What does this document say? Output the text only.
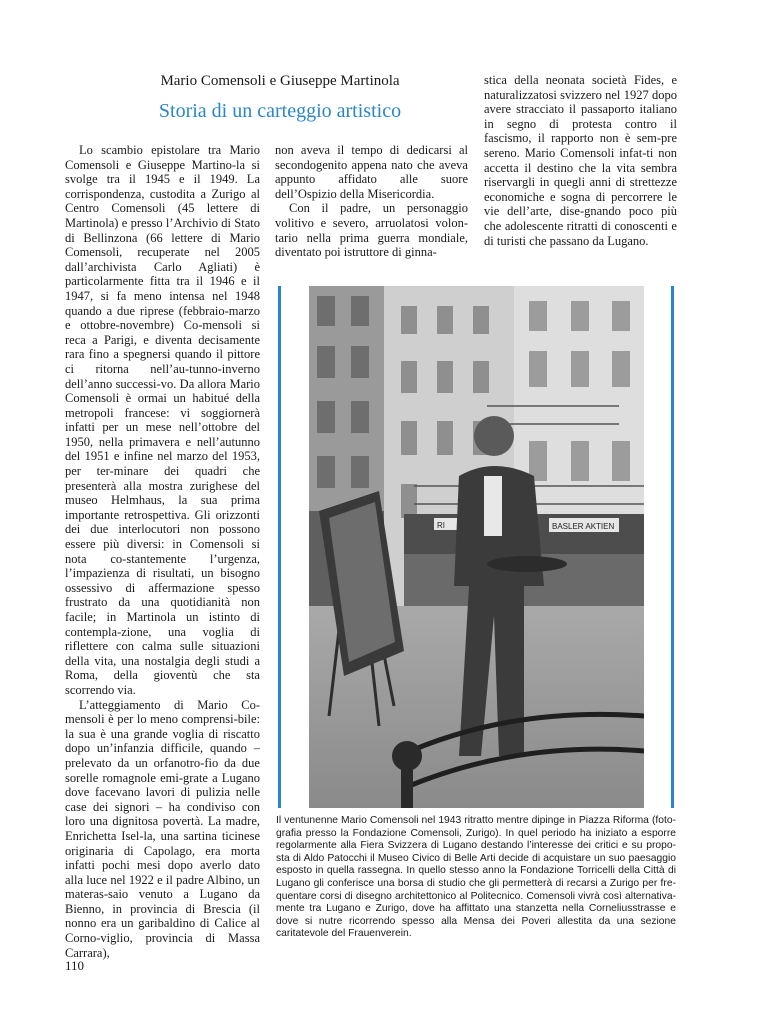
Mario Comensoli e Giuseppe Martinola
Storia di un carteggio artistico

Lo scambio epistolare tra Mario Comensoli e Giuseppe Martino-la si svolge tra il 1945 e il 1949. La corrispondenza, custodita a Zurigo al Centro Comensoli (45 lettere di Martinola) e presso l’Archivio di Stato di Bellinzona (66 lettere di Mario Comensoli, recuperate nel 2005 dall’archivista Carlo Agliati) è particolarmente fitta tra il 1946 e il 1947, si fa meno intensa nel 1948 quando a due riprese (febbraio-marzo e ottobre-novembre) Co-mensoli si reca a Parigi, e diventa decisamente rara fino a spegnersi quando il pittore ci ritorna nell’au-tunno-inverno dell’anno successi-vo. Da allora Mario Comensoli è ormai un habitué della metropoli francese: vi soggiornerà infatti per un mese nell’ottobre del 1950, nella primavera e nell’autunno del 1951 e infine nel marzo del 1953, per ter-minare dei quadri che presenterà alla mostra zurighese del museo Helmhaus, la sua prima importante retrospettiva. Gli orizzonti dei due interlocutori non possono essere più diversi: in Comensoli si nota co-stantemente l’urgenza, l’impazienza di risultati, un bisogno ossessivo di affermazione spesso frustrato da una quotidianità non facile; in Martinola un istinto di contempla-zione, una voglia di riflettere con calma sulle situazioni della vita, una nostalgia degli studi a Roma, della gioventù che sta scorrendo via.

L’atteggiamento di Mario Co-mensoli è per lo meno comprensi-bile: la sua è una grande voglia di riscatto dopo un’infanzia difficile, quando – prelevato da un orfanotro-fio da due sorelle romagnole emi-grate a Lugano dove facevano lavori di pulizia nelle case dei signori – ha condiviso con loro una dignitosa povertà. La madre, Enrichetta Isel-la, una sartina ticinese originaria di Capolago, era morta infatti pochi mesi dopo averlo dato alla luce nel 1922 e il padre Albino, un materas-saio venuto a Lugano da Bienno, in provincia di Brescia (il nonno era un garibaldino di Calice al Corno-viglio, provincia di Massa Carrara),

non aveva il tempo di dedicarsi al secondogenito appena nato che aveva appunto affidato alle suore dell’Ospizio della Misericordia.

Con il padre, un personaggio volitivo e severo, arruolatosi volon-tario nella prima guerra mondiale, diventato poi istruttore di ginna-

stica della neonata società Fides, e naturalizzatosi svizzero nel 1927 dopo avere stracciato il passaporto italiano in segno di protesta contro il fascismo, il rapporto non è sem-pre sereno. Mario Comensoli infat-ti non accetta il destino che la vita sembra riservargli in quegli anni di strettezze economiche e sogna di percorrere le vie dell’arte, dise-gnando poco più che adolescente ritratti di conoscenti e di turisti che passano da Lugano.

BASLER AKTIEN
RI
Il ventunenne Mario Comensoli nel 1943 ritratto mentre dipinge in Piazza Riforma (foto-grafia presso la Fondazione Comensoli, Zurigo). In quel periodo ha iniziato a esporre regolarmente alla Fiera Svizzera di Lugano destando l’interesse dei critici e su propo-sta di Aldo Patocchi il Museo Civico di Belle Arti decide di acquistare un suo paesaggio esposto in quella rassegna. In quello stesso anno la Fondazione Torricelli della Città di Lugano gli conferisce una borsa di studio che gli permetterà di recarsi a Zurigo per fre-quentare corsi di disegno architettonico al Politecnico. Comensoli vivrà così alternativa-mente tra Lugano e Zurigo, dove ha affittato una stanzetta nella Corneliusstrasse e dove si nutre ricorrendo spesso alla Mensa dei Poveri allestita da una sezione caritatevole del Frauenverein.
110
